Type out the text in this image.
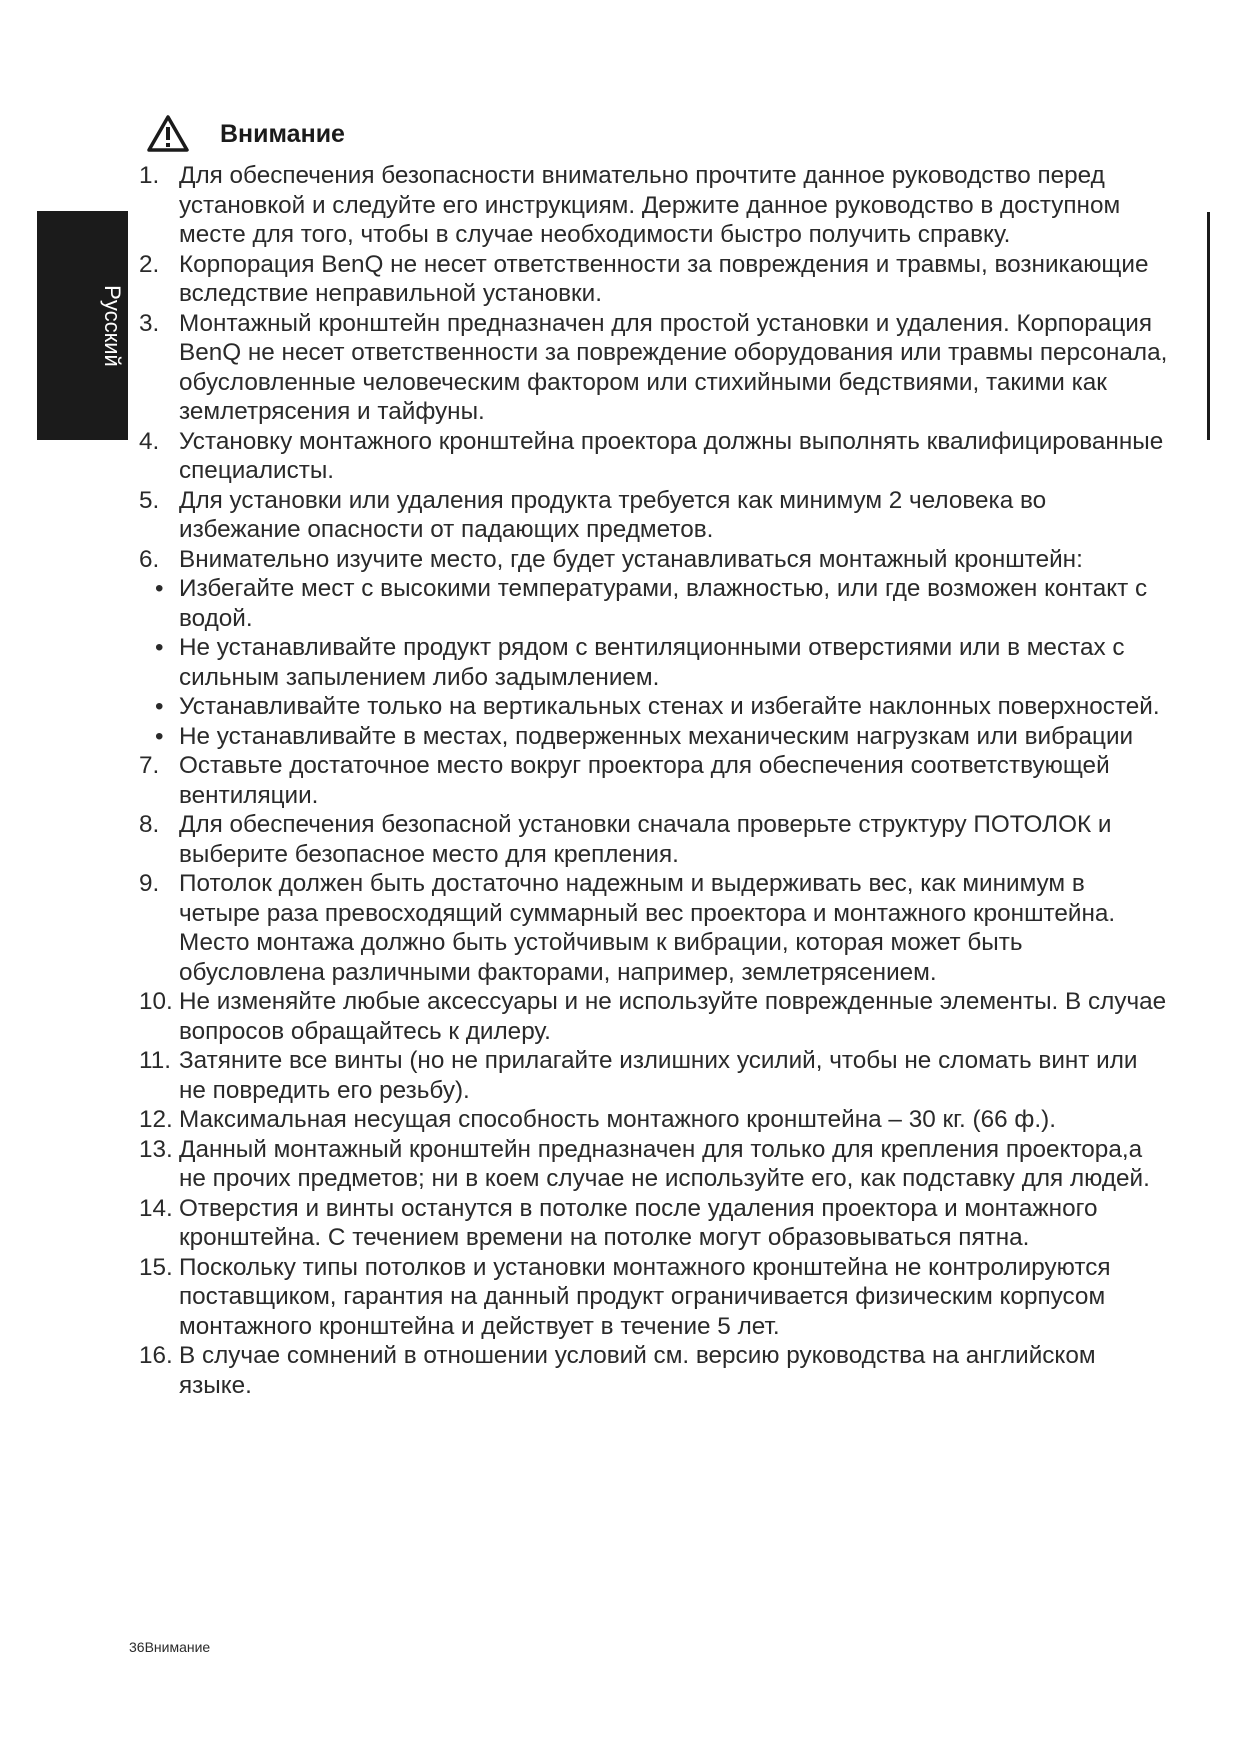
Русский
Внимание
1. Для обеспечения безопасности внимательно прочтите данное руководство перед установкой и следуйте его инструкциям. Держите данное руководство в доступном месте для того, чтобы в случае необходимости быстро получить справку.
2. Корпорация BenQ не несет ответственности за повреждения и травмы, возникающие вследствие неправильной установки.
3. Монтажный кронштейн предназначен для простой установки и удаления. Корпорация BenQ не несет ответственности за повреждение оборудования или травмы персонала, обусловленные человеческим фактором или стихийными бедствиями, такими как землетрясения и тайфуны.
4. Установку монтажного кронштейна проектора должны выполнять квалифицированные специалисты.
5. Для установки или удаления продукта требуется как минимум 2 человека во избежание опасности от падающих предметов.
6. Внимательно изучите место, где будет устанавливаться монтажный кронштейн:
• Избегайте мест с высокими температурами, влажностью, или где возможен контакт с водой.
• Не устанавливайте продукт рядом с вентиляционными отверстиями или в местах с сильным запылением либо задымлением.
• Устанавливайте только на вертикальных стенах и избегайте наклонных поверхностей.
• Не устанавливайте в местах, подверженных механическим нагрузкам или вибрации
7. Оставьте достаточное место вокруг проектора для обеспечения соответствующей вентиляции.
8. Для обеспечения безопасной установки сначала проверьте структуру ПОТОЛОК и выберите безопасное место для крепления.
9. Потолок должен быть достаточно надежным и выдерживать вес, как минимум в четыре раза превосходящий суммарный вес проектора и монтажного кронштейна. Место монтажа должно быть устойчивым к вибрации, которая может быть обусловлена различными факторами, например, землетрясением.
10. Не изменяйте любые аксессуары и не используйте поврежденные элементы. В случае вопросов обращайтесь к дилеру.
11. Затяните все винты (но не прилагайте излишних усилий, чтобы не сломать винт или не повредить его резьбу).
12. Максимальная несущая способность монтажного кронштейна – 30 кг. (66 ф.).
13. Данный монтажный кронштейн предназначен для только для крепления проектора,а не прочих предметов; ни в коем случае не используйте его, как подставку для людей.
14. Отверстия и винты останутся в потолке после удаления проектора и монтажного кронштейна. С течением времени на потолке могут образовываться пятна.
15. Поскольку типы потолков и установки монтажного кронштейна не контролируются поставщиком, гарантия на данный продукт ограничивается физическим корпусом монтажного кронштейна и действует в течение 5 лет.
16. В случае сомнений в отношении условий см. версию руководства на английском языке.
36Внимание
